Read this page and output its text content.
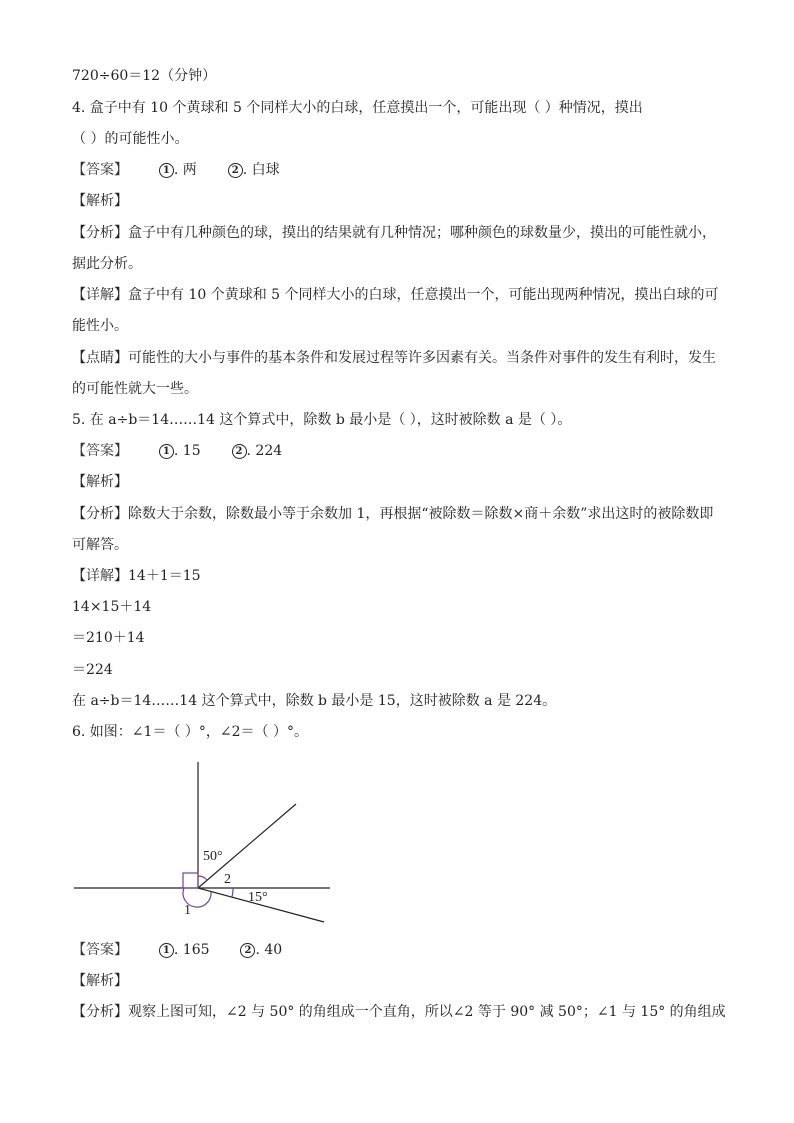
720÷60＝12（分钟）
4. 盒子中有 10 个黄球和 5 个同样大小的白球，任意摸出一个，可能出现（ ）种情况，摸出
（ ）的可能性小。
【答案】	1 . 两	2 . 白球
【解析】
【分析】盒子中有几种颜色的球，摸出的结果就有几种情况；哪种颜色的球数量少，摸出的可能性就小，
据此分析。
【详解】盒子中有 10 个黄球和 5 个同样大小的白球，任意摸出一个，可能出现两种情况，摸出白球的可
能性小。
【点睛】可能性的大小与事件的基本条件和发展过程等许多因素有关。当条件对事件的发生有利时，发生
的可能性就大一些。
5. 在 a÷b＝14……14 这个算式中，除数 b 最小是（ ），这时被除数 a 是（ ）。
【答案】	1 . 15	2 . 224
【解析】
【分析】除数大于余数，除数最小等于余数加 1，再根据“被除数＝除数×商＋余数”求出这时的被除数即
可解答。
【详解】14＋1＝15
14×15＋14
＝210＋14
＝224
在 a÷b＝14……14 这个算式中，除数 b 最小是 15，这时被除数 a 是 224。
6. 如图：∠1＝（ ）°，∠2＝（ ）°。
50°
2
15°
1
【答案】	1 . 165	2 . 40
【解析】
【分析】观察上图可知，∠2 与 50° 的角组成一个直角，所以∠2 等于 90° 减 50°；∠1 与 15° 的角组成
